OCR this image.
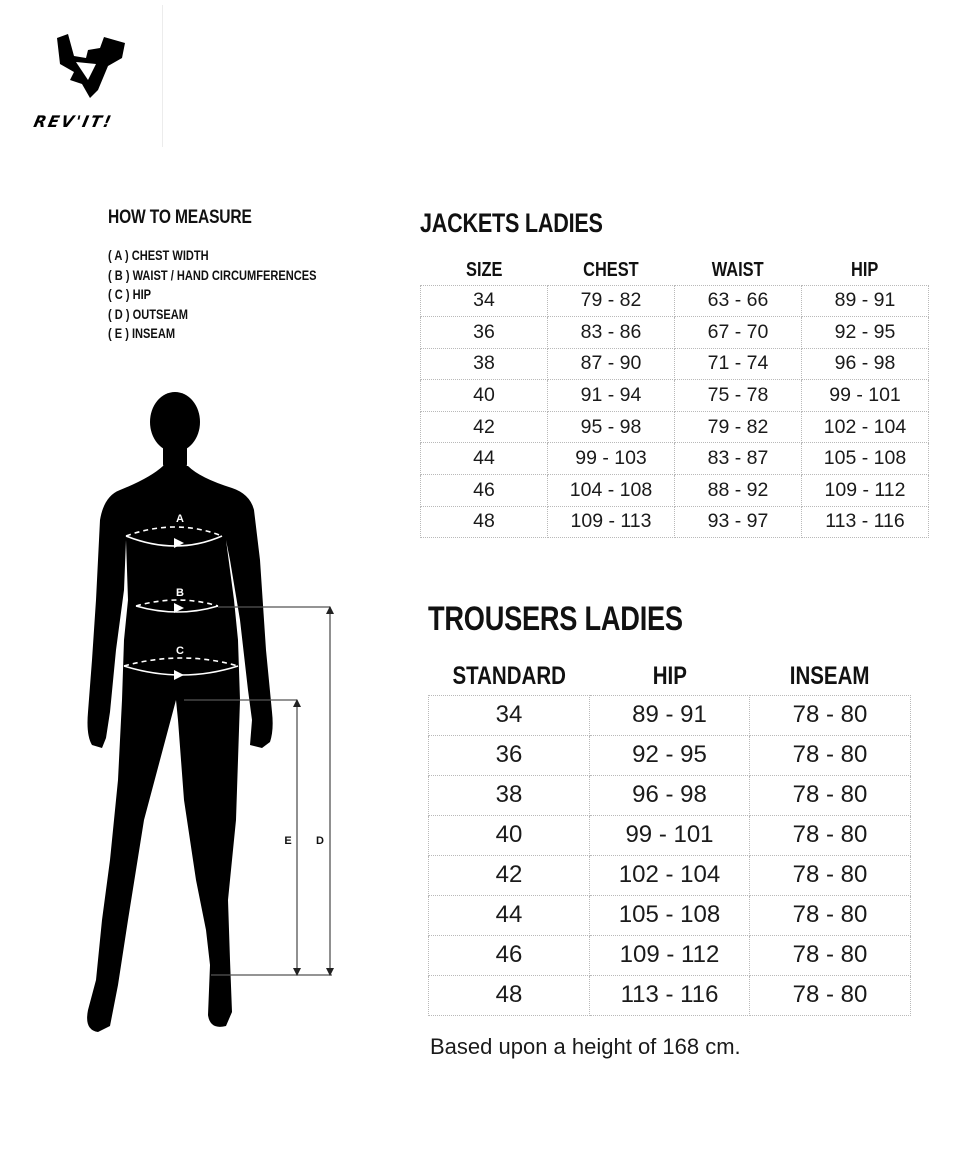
REV'IT!
HOW TO MEASURE
( A ) CHEST WIDTH
( B ) WAIST / HAND CIRCUMFERENCES
( C ) HIP
( D ) OUTSEAM
( E ) INSEAM
A
B
C
E D
JACKETS LADIES
SIZE	CHEST	WAIST	HIP
34	79 - 82	63 - 66	89 - 91
36	83 - 86	67 - 70	92 - 95
38	87 - 90	71 - 74	96 - 98
40	91 - 94	75 - 78	99 - 101
42	95 - 98	79 - 82	102 - 104
44	99 - 103	83 - 87	105 - 108
46	104 - 108	88 - 92	109 - 112
48	109 - 113	93 - 97	113 - 116
TROUSERS LADIES
STANDARD	HIP	INSEAM
34	89 - 91	78 - 80
36	92 - 95	78 - 80
38	96 - 98	78 - 80
40	99 - 101	78 - 80
42	102 - 104	78 - 80
44	105 - 108	78 - 80
46	109 - 112	78 - 80
48	113 - 116	78 - 80
Based upon a height of 168 cm.
